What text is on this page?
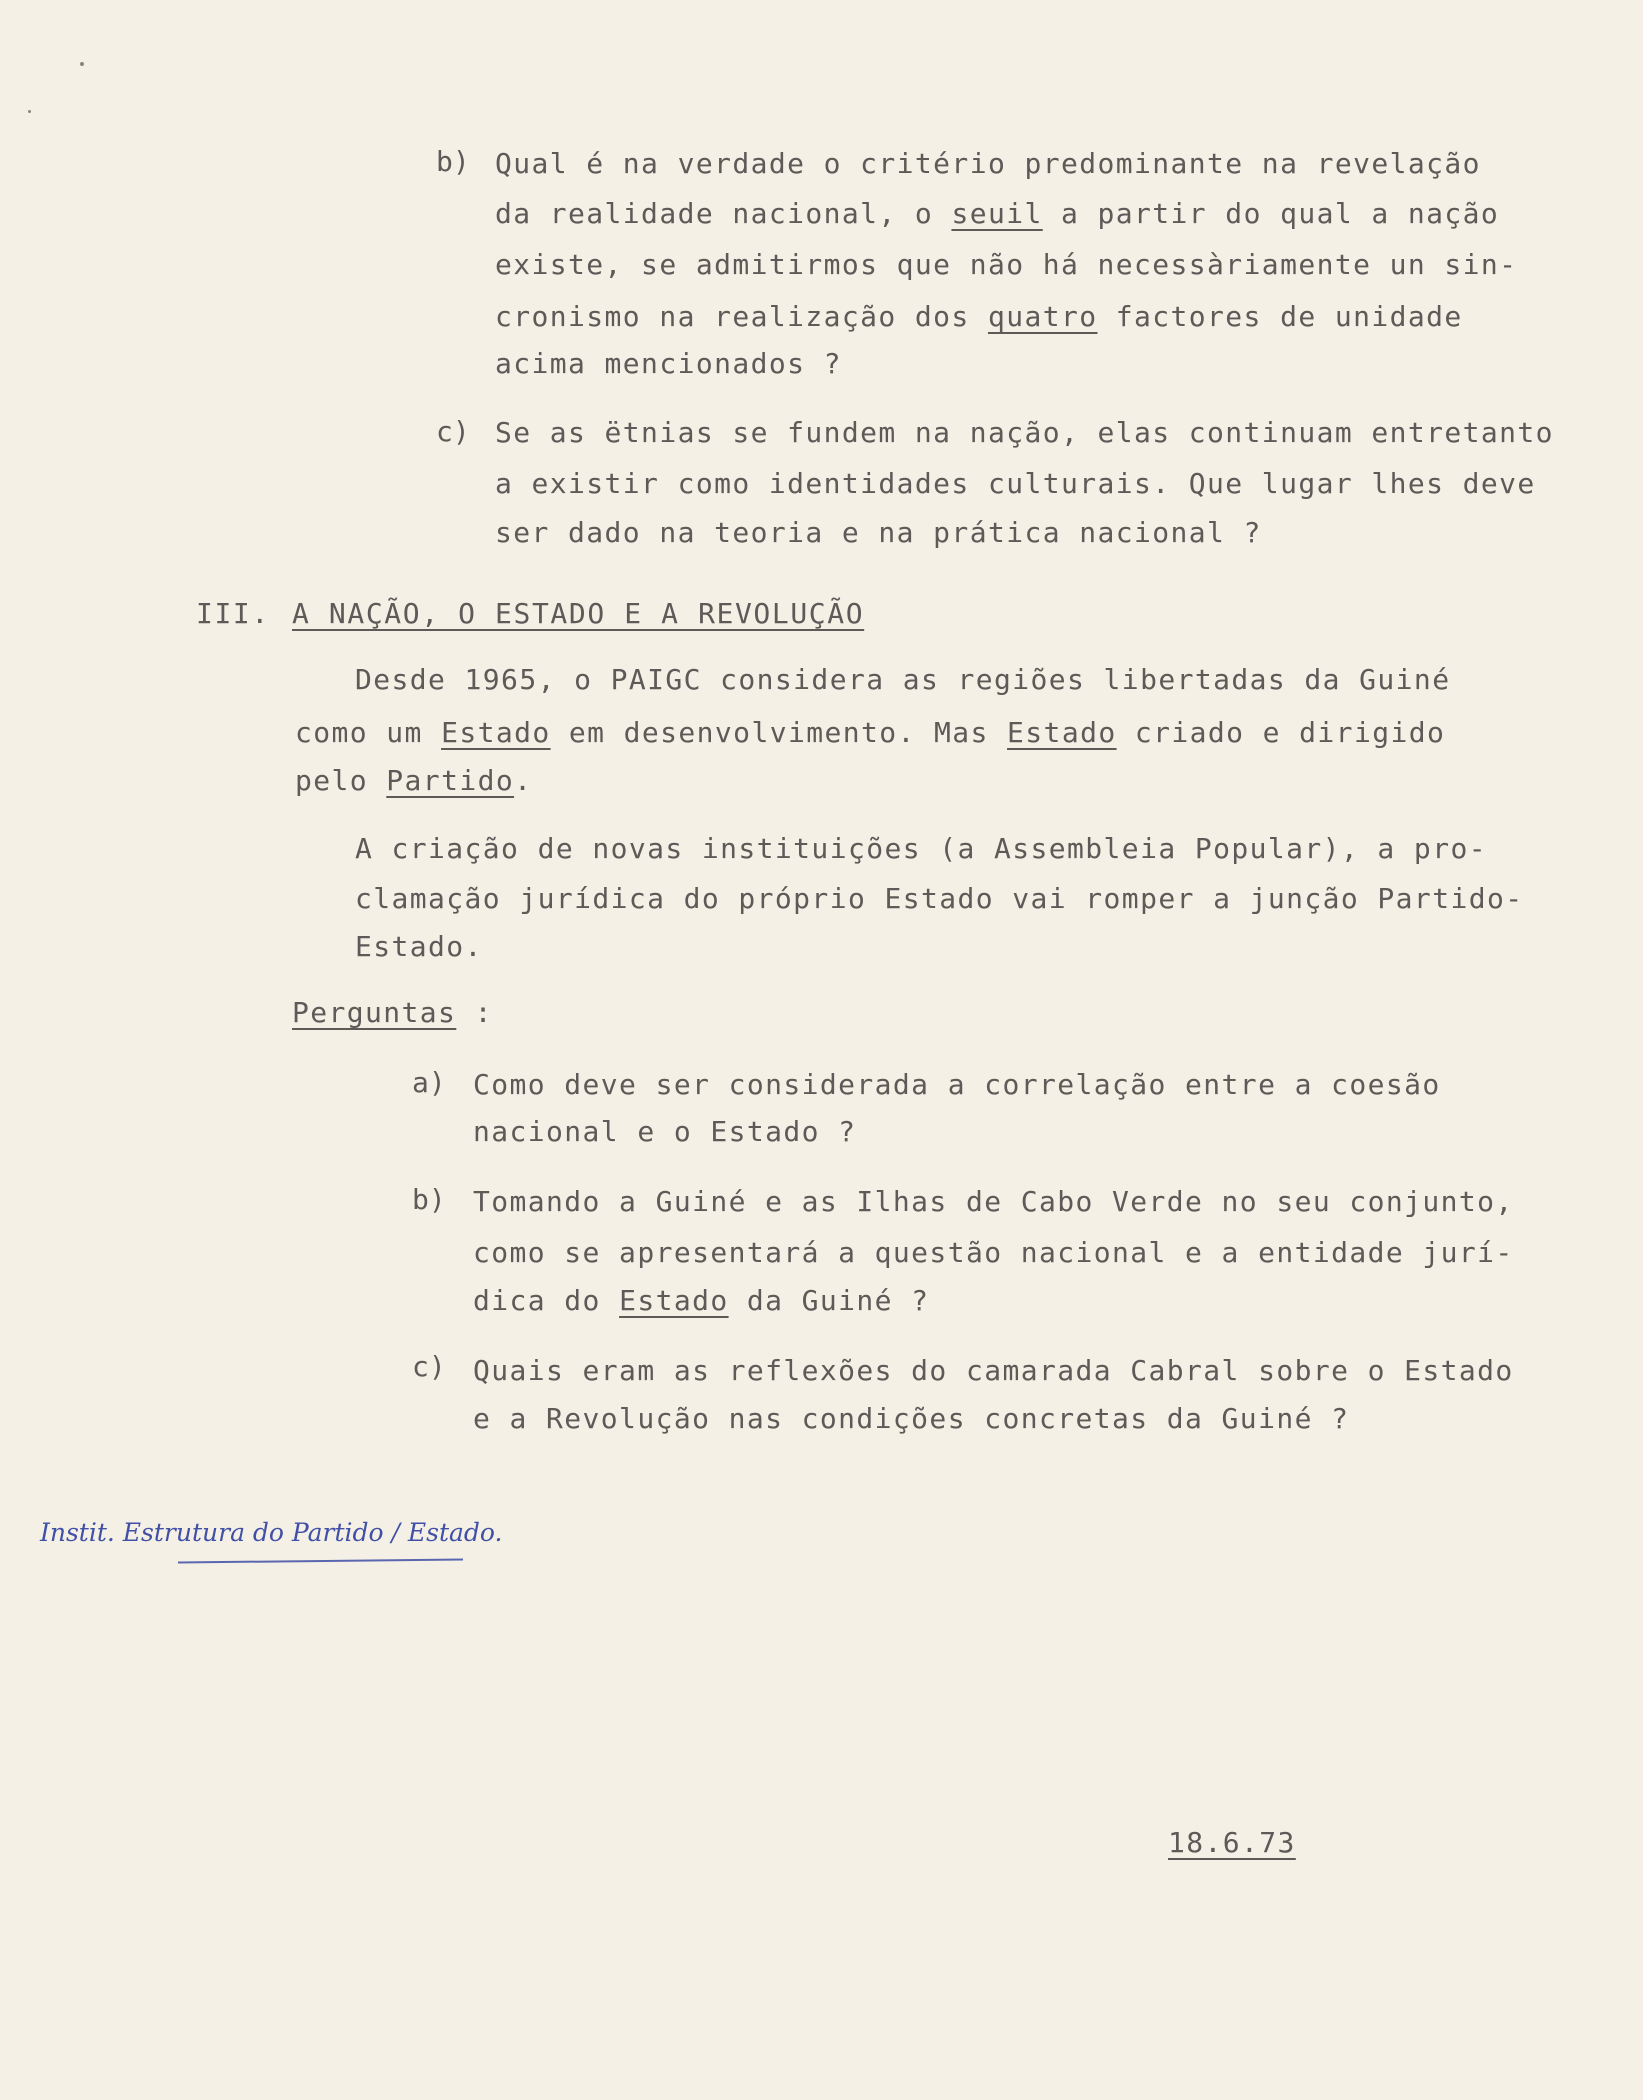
b) Qual é na verdade o critério predominante na revelação
da realidade nacional, o seuil a partir do qual a nação
existe, se admitirmos que não há necessàriamente un sin-
cronismo na realização dos quatro factores de unidade
acima mencionados ?
c) Se as ëtnias se fundem na nação, elas continuam entretanto
a existir como identidades culturais. Que lugar lhes deve
ser dado na teoria e na prática nacional ?
III. A NAÇÃO, O ESTADO E A REVOLUÇÃO
Desde 1965, o PAIGC considera as regiões libertadas da Guiné
como um Estado em desenvolvimento. Mas Estado criado e dirigido
pelo Partido.
A criação de novas instituições (a Assembleia Popular), a pro-
clamação jurídica do próprio Estado vai romper a junção Partido-
Estado.
Perguntas :
a) Como deve ser considerada a correlação entre a coesão
nacional e o Estado ?
b) Tomando a Guiné e as Ilhas de Cabo Verde no seu conjunto,
como se apresentará a questão nacional e a entidade jurí-
dica do Estado da Guiné ?
c) Quais eram as reflexões do camarada Cabral sobre o Estado
e a Revolução nas condições concretas da Guiné ?
Instit. Estrutura do Partido / Estado.
18.6.73
